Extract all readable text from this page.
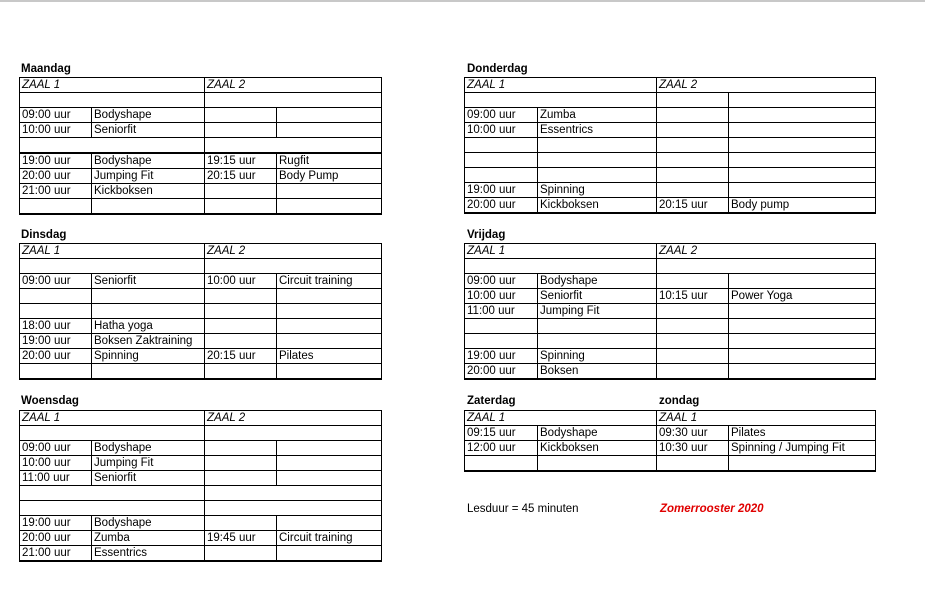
Maandag
ZAAL 1		ZAAL 2	

09:00 uur	Bodyshape		
10:00 uur	Seniorfit		

19:00 uur	Bodyshape	19:15 uur	Rugfit
20:00 uur	Jumping Fit	20:15 uur	Body Pump
21:00 uur	Kickboksen		

Dinsdag
ZAAL 1		ZAAL 2	

09:00 uur	Seniorfit	10:00 uur	Circuit training

18:00 uur	Hatha yoga		
19:00 uur	Boksen Zaktraining		
20:00 uur	Spinning	20:15 uur	Pilates

Woensdag
ZAAL 1		ZAAL 2	

09:00 uur	Bodyshape		
10:00 uur	Jumping Fit		
11:00 uur	Seniorfit		

19:00 uur	Bodyshape		
20:00 uur	Zumba	19:45 uur	Circuit training
21:00 uur	Essentrics		
Donderdag
ZAAL 1		ZAAL 2	

09:00 uur	Zumba		
10:00 uur	Essentrics		

19:00 uur	Spinning		
20:00 uur	Kickboksen	20:15 uur	Body pump
Vrijdag
ZAAL 1		ZAAL 2	

09:00 uur	Bodyshape		
10:00 uur	Seniorfit	10:15 uur	Power Yoga
11:00 uur	Jumping Fit		

19:00 uur	Spinning		
20:00 uur	Boksen		
Zaterdag	zondag
ZAAL 1		ZAAL 1	
09:15 uur	Bodyshape	09:30 uur	Pilates
12:00 uur	Kickboksen	10:30 uur	Spinning / Jumping Fit

Lesduur = 45 minuten	Zomerrooster 2020
